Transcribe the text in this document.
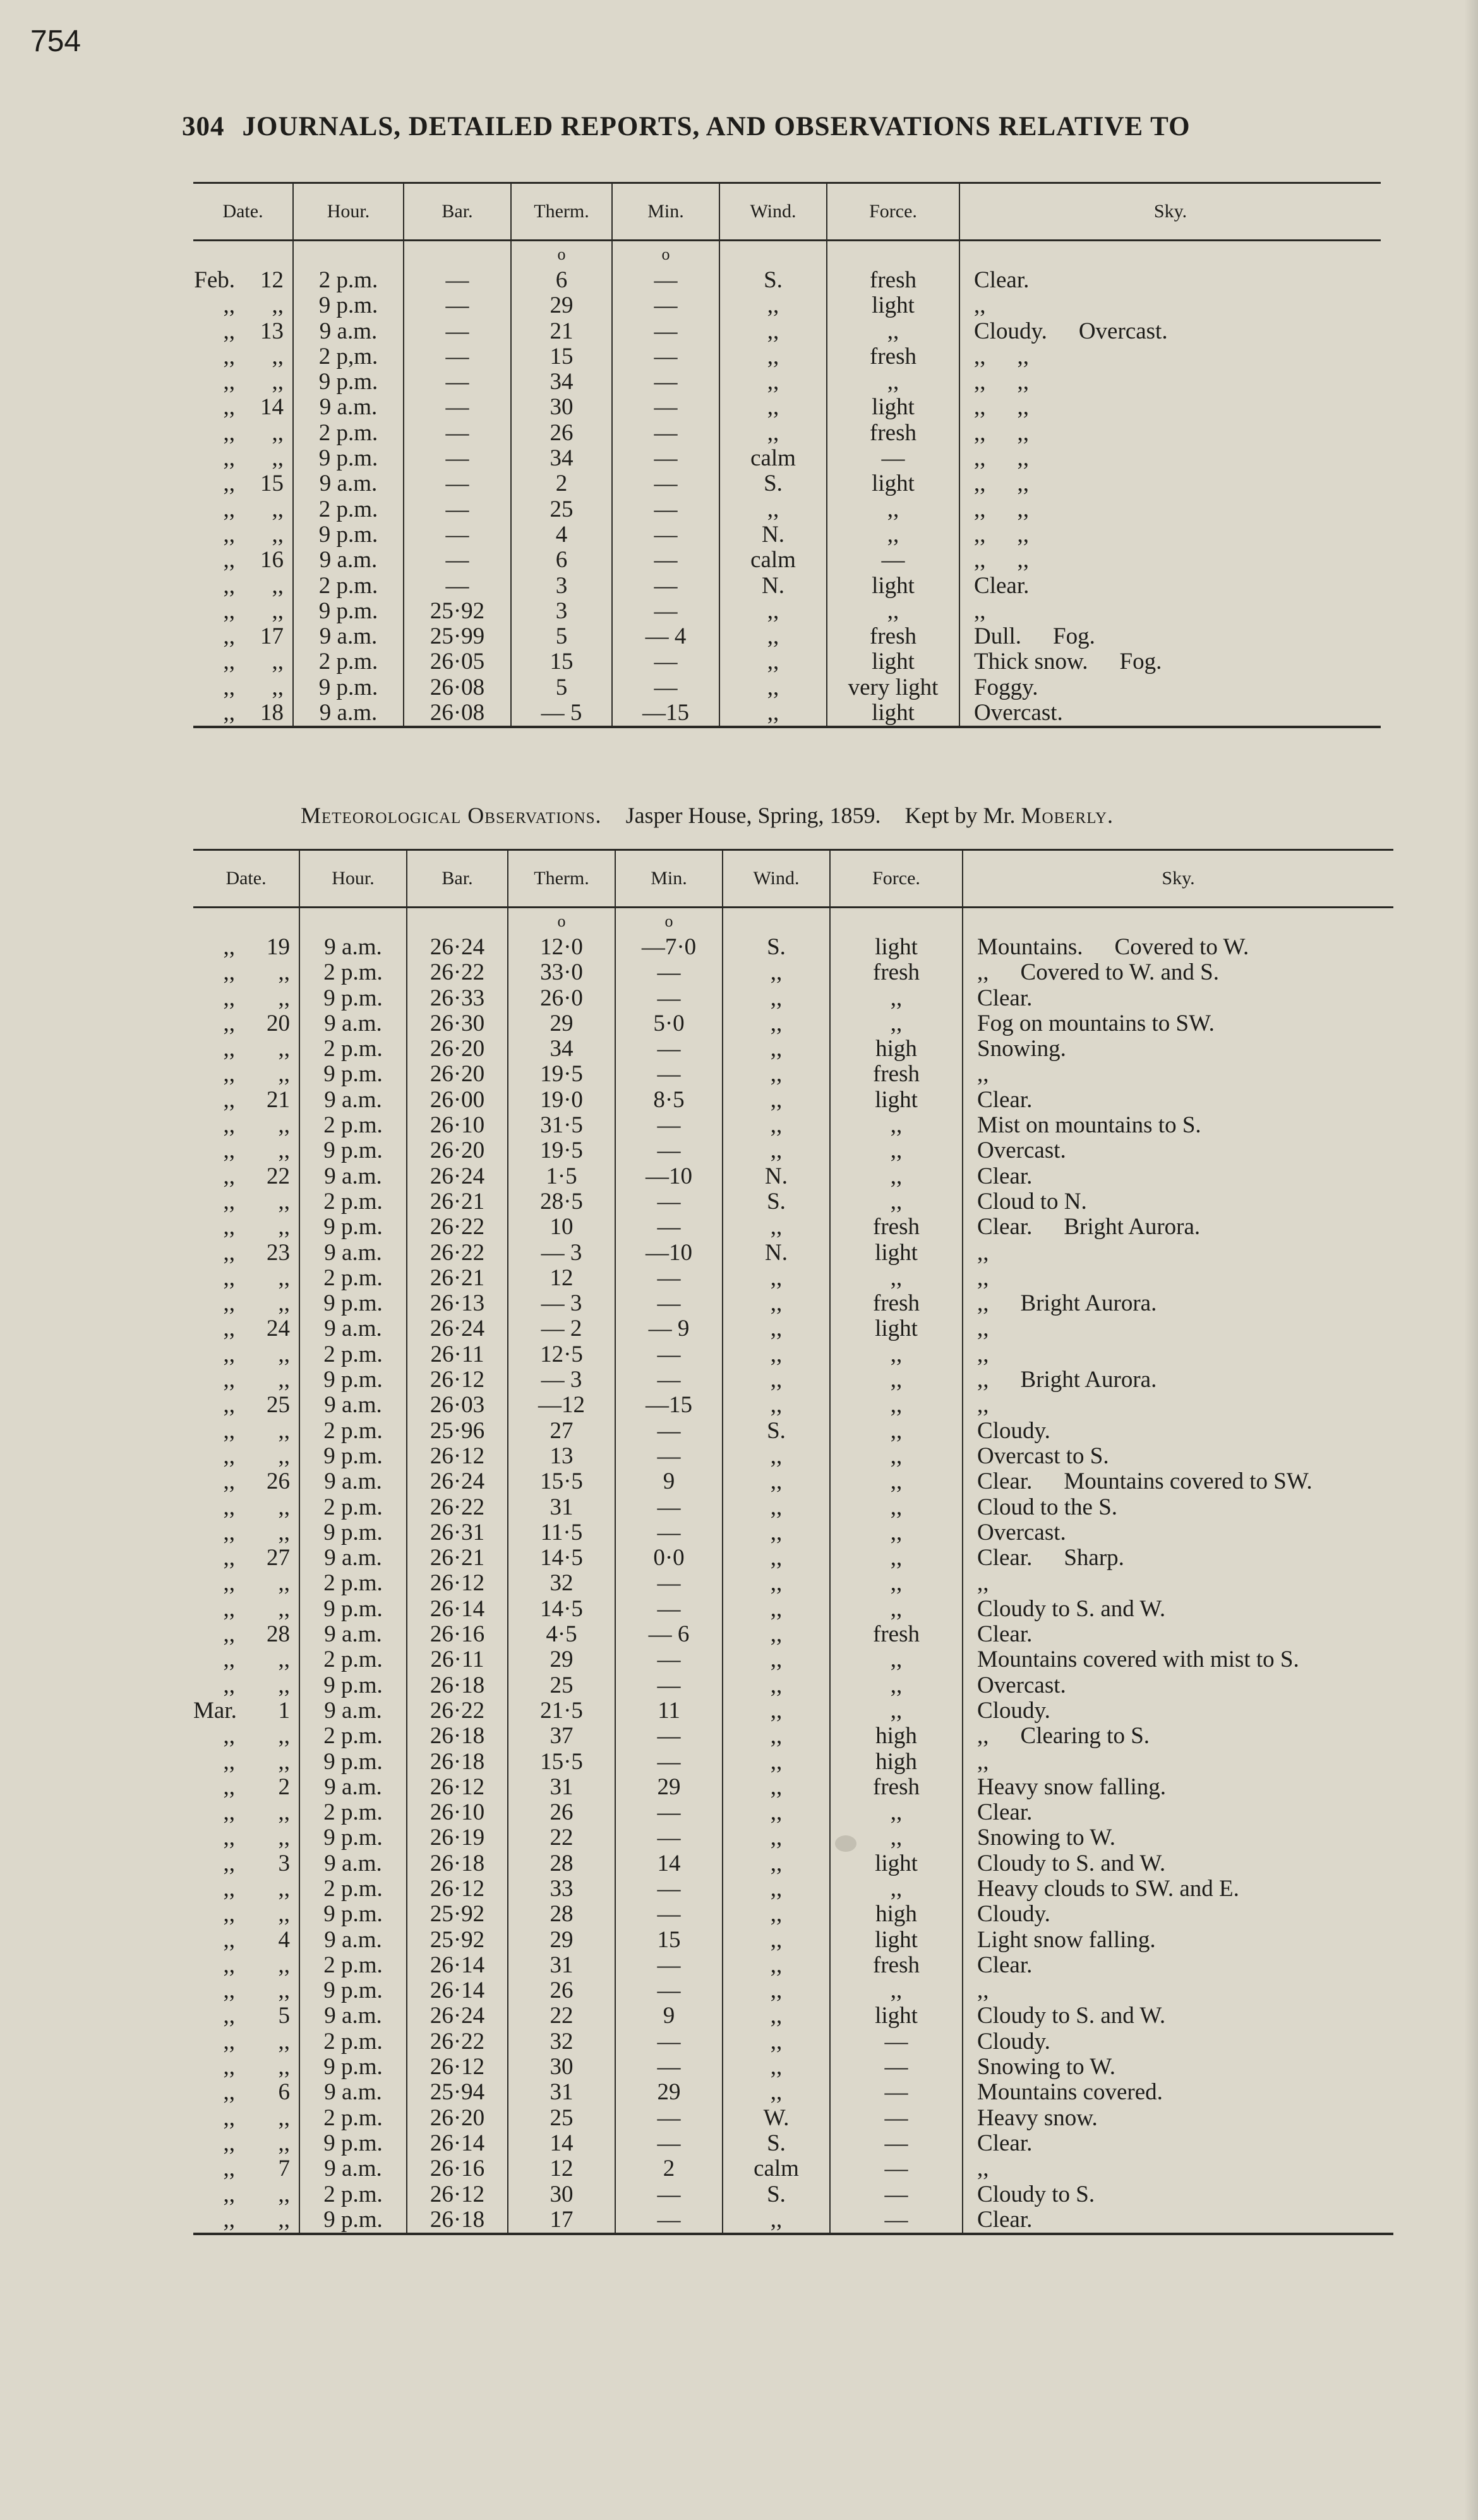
754
304 JOURNALS, DETAILED REPORTS, AND OBSERVATIONS RELATIVE TO
Date.		Hour.	Bar.	Therm.	Min.	Wind.	Force.	Sky.
				o	o			
Feb.	12	2 p.m.	—	6	—	S.	fresh	Clear.
,,	,,	9 p.m.	—	29	—	,,	light	,,
,,	13	9 a.m.	—	21	—	,,	,,	Cloudy. Overcast.
,,	,,	2 p,m.	—	15	—	,,	fresh	,, ,,
,,	,,	9 p.m.	—	34	—	,,	,,	,, ,,
,,	14	9 a.m.	—	30	—	,,	light	,, ,,
,,	,,	2 p.m.	—	26	—	,,	fresh	,, ,,
,,	,,	9 p.m.	—	34	—	calm	—	,, ,,
,,	15	9 a.m.	—	2	—	S.	light	,, ,,
,,	,,	2 p.m.	—	25	—	,,	,,	,, ,,
,,	,,	9 p.m.	—	4	—	N.	,,	,, ,,
,,	16	9 a.m.	—	6	—	calm	—	,, ,,
,,	,,	2 p.m.	—	3	—	N.	light	Clear.
,,	,,	9 p.m.	25·92	3	—	,,	,,	,,
,,	17	9 a.m.	25·99	5	— 4	,,	fresh	Dull. Fog.
,,	,,	2 p.m.	26·05	15	—	,,	light	Thick snow. Fog.
,,	,,	9 p.m.	26·08	5	—	,,	very light	Foggy.
,,	18	9 a.m.	26·08	— 5	—15	,,	light	Overcast.
Meteorological Observations. Jasper House, Spring, 1859. Kept by Mr. Moberly.
Date.		Hour.	Bar.	Therm.	Min.	Wind.	Force.	Sky.
				o	o			
,,	19	9 a.m.	26·24	12·0	—7·0	S.	light	Mountains. Covered to W.
,,	,,	2 p.m.	26·22	33·0	—	,,	fresh	,, Covered to W. and S.
,,	,,	9 p.m.	26·33	26·0	—	,,	,,	Clear.
,,	20	9 a.m.	26·30	29	5·0	,,	,,	Fog on mountains to SW.
,,	,,	2 p.m.	26·20	34	—	,,	high	Snowing.
,,	,,	9 p.m.	26·20	19·5	—	,,	fresh	,,
,,	21	9 a.m.	26·00	19·0	8·5	,,	light	Clear.
,,	,,	2 p.m.	26·10	31·5	—	,,	,,	Mist on mountains to S.
,,	,,	9 p.m.	26·20	19·5	—	,,	,,	Overcast.
,,	22	9 a.m.	26·24	1·5	—10	N.	,,	Clear.
,,	,,	2 p.m.	26·21	28·5	—	S.	,,	Cloud to N.
,,	,,	9 p.m.	26·22	10	—	,,	fresh	Clear. Bright Aurora.
,,	23	9 a.m.	26·22	— 3	—10	N.	light	,,
,,	,,	2 p.m.	26·21	12	—	,,	,,	,,
,,	,,	9 p.m.	26·13	— 3	—	,,	fresh	,, Bright Aurora.
,,	24	9 a.m.	26·24	— 2	— 9	,,	light	,,
,,	,,	2 p.m.	26·11	12·5	—	,,	,,	,,
,,	,,	9 p.m.	26·12	— 3	—	,,	,,	,, Bright Aurora.
,,	25	9 a.m.	26·03	—12	—15	,,	,,	,,
,,	,,	2 p.m.	25·96	27	—	S.	,,	Cloudy.
,,	,,	9 p.m.	26·12	13	—	,,	,,	Overcast to S.
,,	26	9 a.m.	26·24	15·5	9	,,	,,	Clear. Mountains covered to SW.
,,	,,	2 p.m.	26·22	31	—	,,	,,	Cloud to the S.
,,	,,	9 p.m.	26·31	11·5	—	,,	,,	Overcast.
,,	27	9 a.m.	26·21	14·5	0·0	,,	,,	Clear. Sharp.
,,	,,	2 p.m.	26·12	32	—	,,	,,	,,
,,	,,	9 p.m.	26·14	14·5	—	,,	,,	Cloudy to S. and W.
,,	28	9 a.m.	26·16	4·5	— 6	,,	fresh	Clear.
,,	,,	2 p.m.	26·11	29	—	,,	,,	Mountains covered with mist to S.
,,	,,	9 p.m.	26·18	25	—	,,	,,	Overcast.
Mar.	1	9 a.m.	26·22	21·5	11	,,	,,	Cloudy.
,,	,,	2 p.m.	26·18	37	—	,,	high	,, Clearing to S.
,,	,,	9 p.m.	26·18	15·5	—	,,	high	,,
,,	2	9 a.m.	26·12	31	29	,,	fresh	Heavy snow falling.
,,	,,	2 p.m.	26·10	26	—	,,	,,	Clear.
,,	,,	9 p.m.	26·19	22	—	,,	,,	Snowing to W.
,,	3	9 a.m.	26·18	28	14	,,	light	Cloudy to S. and W.
,,	,,	2 p.m.	26·12	33	—	,,	,,	Heavy clouds to SW. and E.
,,	,,	9 p.m.	25·92	28	—	,,	high	Cloudy.
,,	4	9 a.m.	25·92	29	15	,,	light	Light snow falling.
,,	,,	2 p.m.	26·14	31	—	,,	fresh	Clear.
,,	,,	9 p.m.	26·14	26	—	,,	,,	,,
,,	5	9 a.m.	26·24	22	9	,,	light	Cloudy to S. and W.
,,	,,	2 p.m.	26·22	32	—	,,	—	Cloudy.
,,	,,	9 p.m.	26·12	30	—	,,	—	Snowing to W.
,,	6	9 a.m.	25·94	31	29	,,	—	Mountains covered.
,,	,,	2 p.m.	26·20	25	—	W.	—	Heavy snow.
,,	,,	9 p.m.	26·14	14	—	S.	—	Clear.
,,	7	9 a.m.	26·16	12	2	calm	—	,,
,,	,,	2 p.m.	26·12	30	—	S.	—	Cloudy to S.
,,	,,	9 p.m.	26·18	17	—	,,	—	Clear.
